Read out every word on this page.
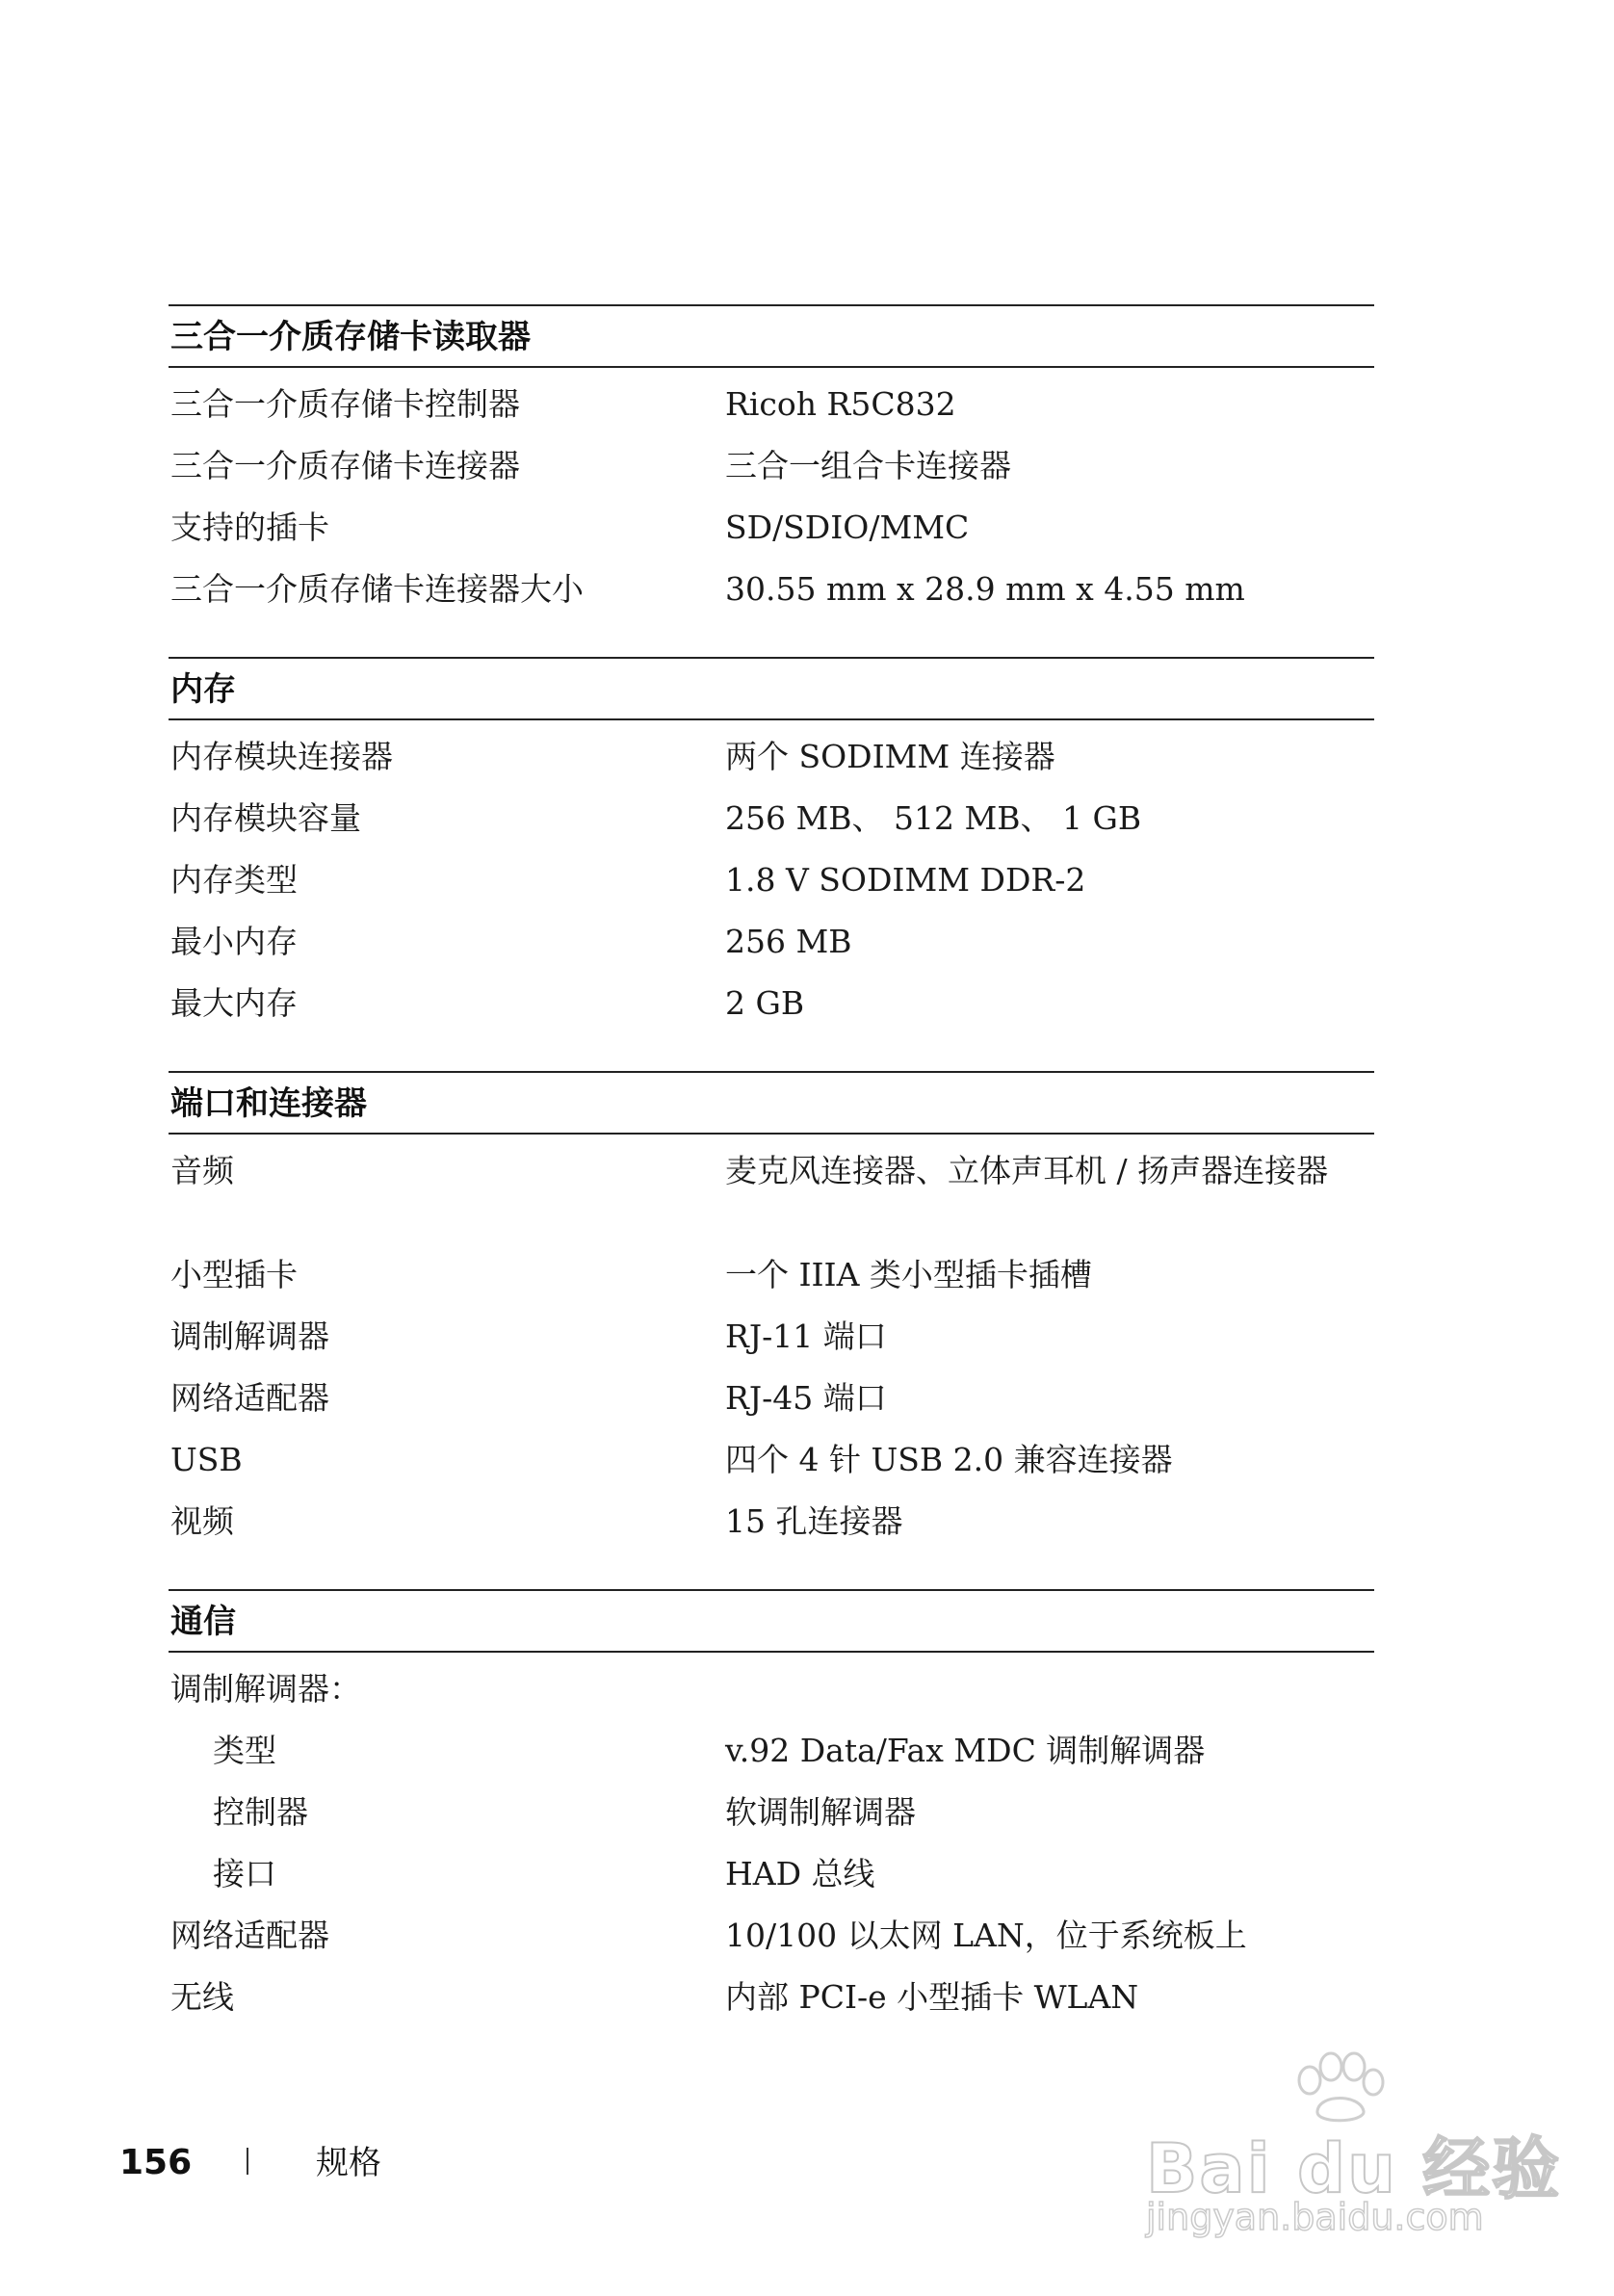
三合一介质存储卡读取器
三合一介质存储卡控制器	Ricoh R5C832
三合一介质存储卡连接器	三合一组合卡连接器
支持的插卡	SD/SDIO/MMC
三合一介质存储卡连接器大小	30.55 mm x 28.9 mm x 4.55 mm
内存
内存模块连接器	两个 SODIMM 连接器
内存模块容量	256 MB、 512 MB、 1 GB
内存类型	1.8 V SODIMM DDR-2
最小内存	256 MB
最大内存	2 GB
端口和连接器
音频	麦克风连接器、立体声耳机 / 扬声器连接器
小型插卡	一个 IIIA 类小型插卡插槽
调制解调器	RJ-11 端口
网络适配器	RJ-45 端口
USB	四个 4 针 USB 2.0 兼容连接器
视频	15 孔连接器
通信
调制解调器：
类型	v.92 Data/Fax MDC 调制解调器
控制器	软调制解调器
接口	HAD 总线
网络适配器	10/100 以太网 LAN，位于系统板上
无线	内部 PCI-e 小型插卡 WLAN
156	规格	Bai du 经验
jingyan.baidu.com
